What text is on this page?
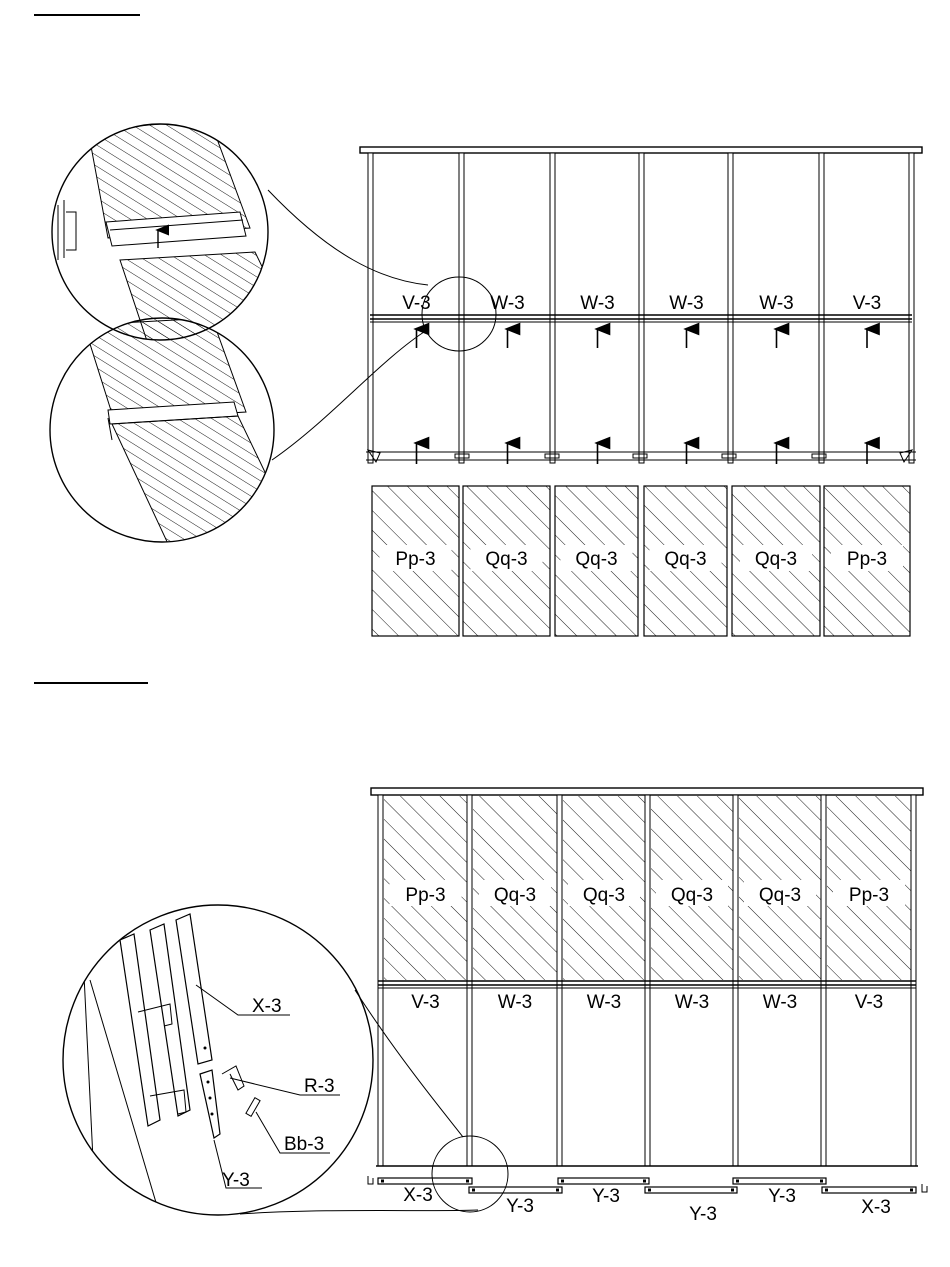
V-3	W-3	W-3	W-3	W-3	V-3
Pp-3	Qq-3	Qq-3 Qq-3	Qq-3	Pp-3
Pp-3	Qq-3 Qq-3 Qq-3 Qq-3	Pp-3
V-3	W-3	W-3	W-3	W-3	V-3
X-3
Y-3	Y-3
Y-3
Y-3
X-3
X-3
R-3
Bb-3
Y-3
